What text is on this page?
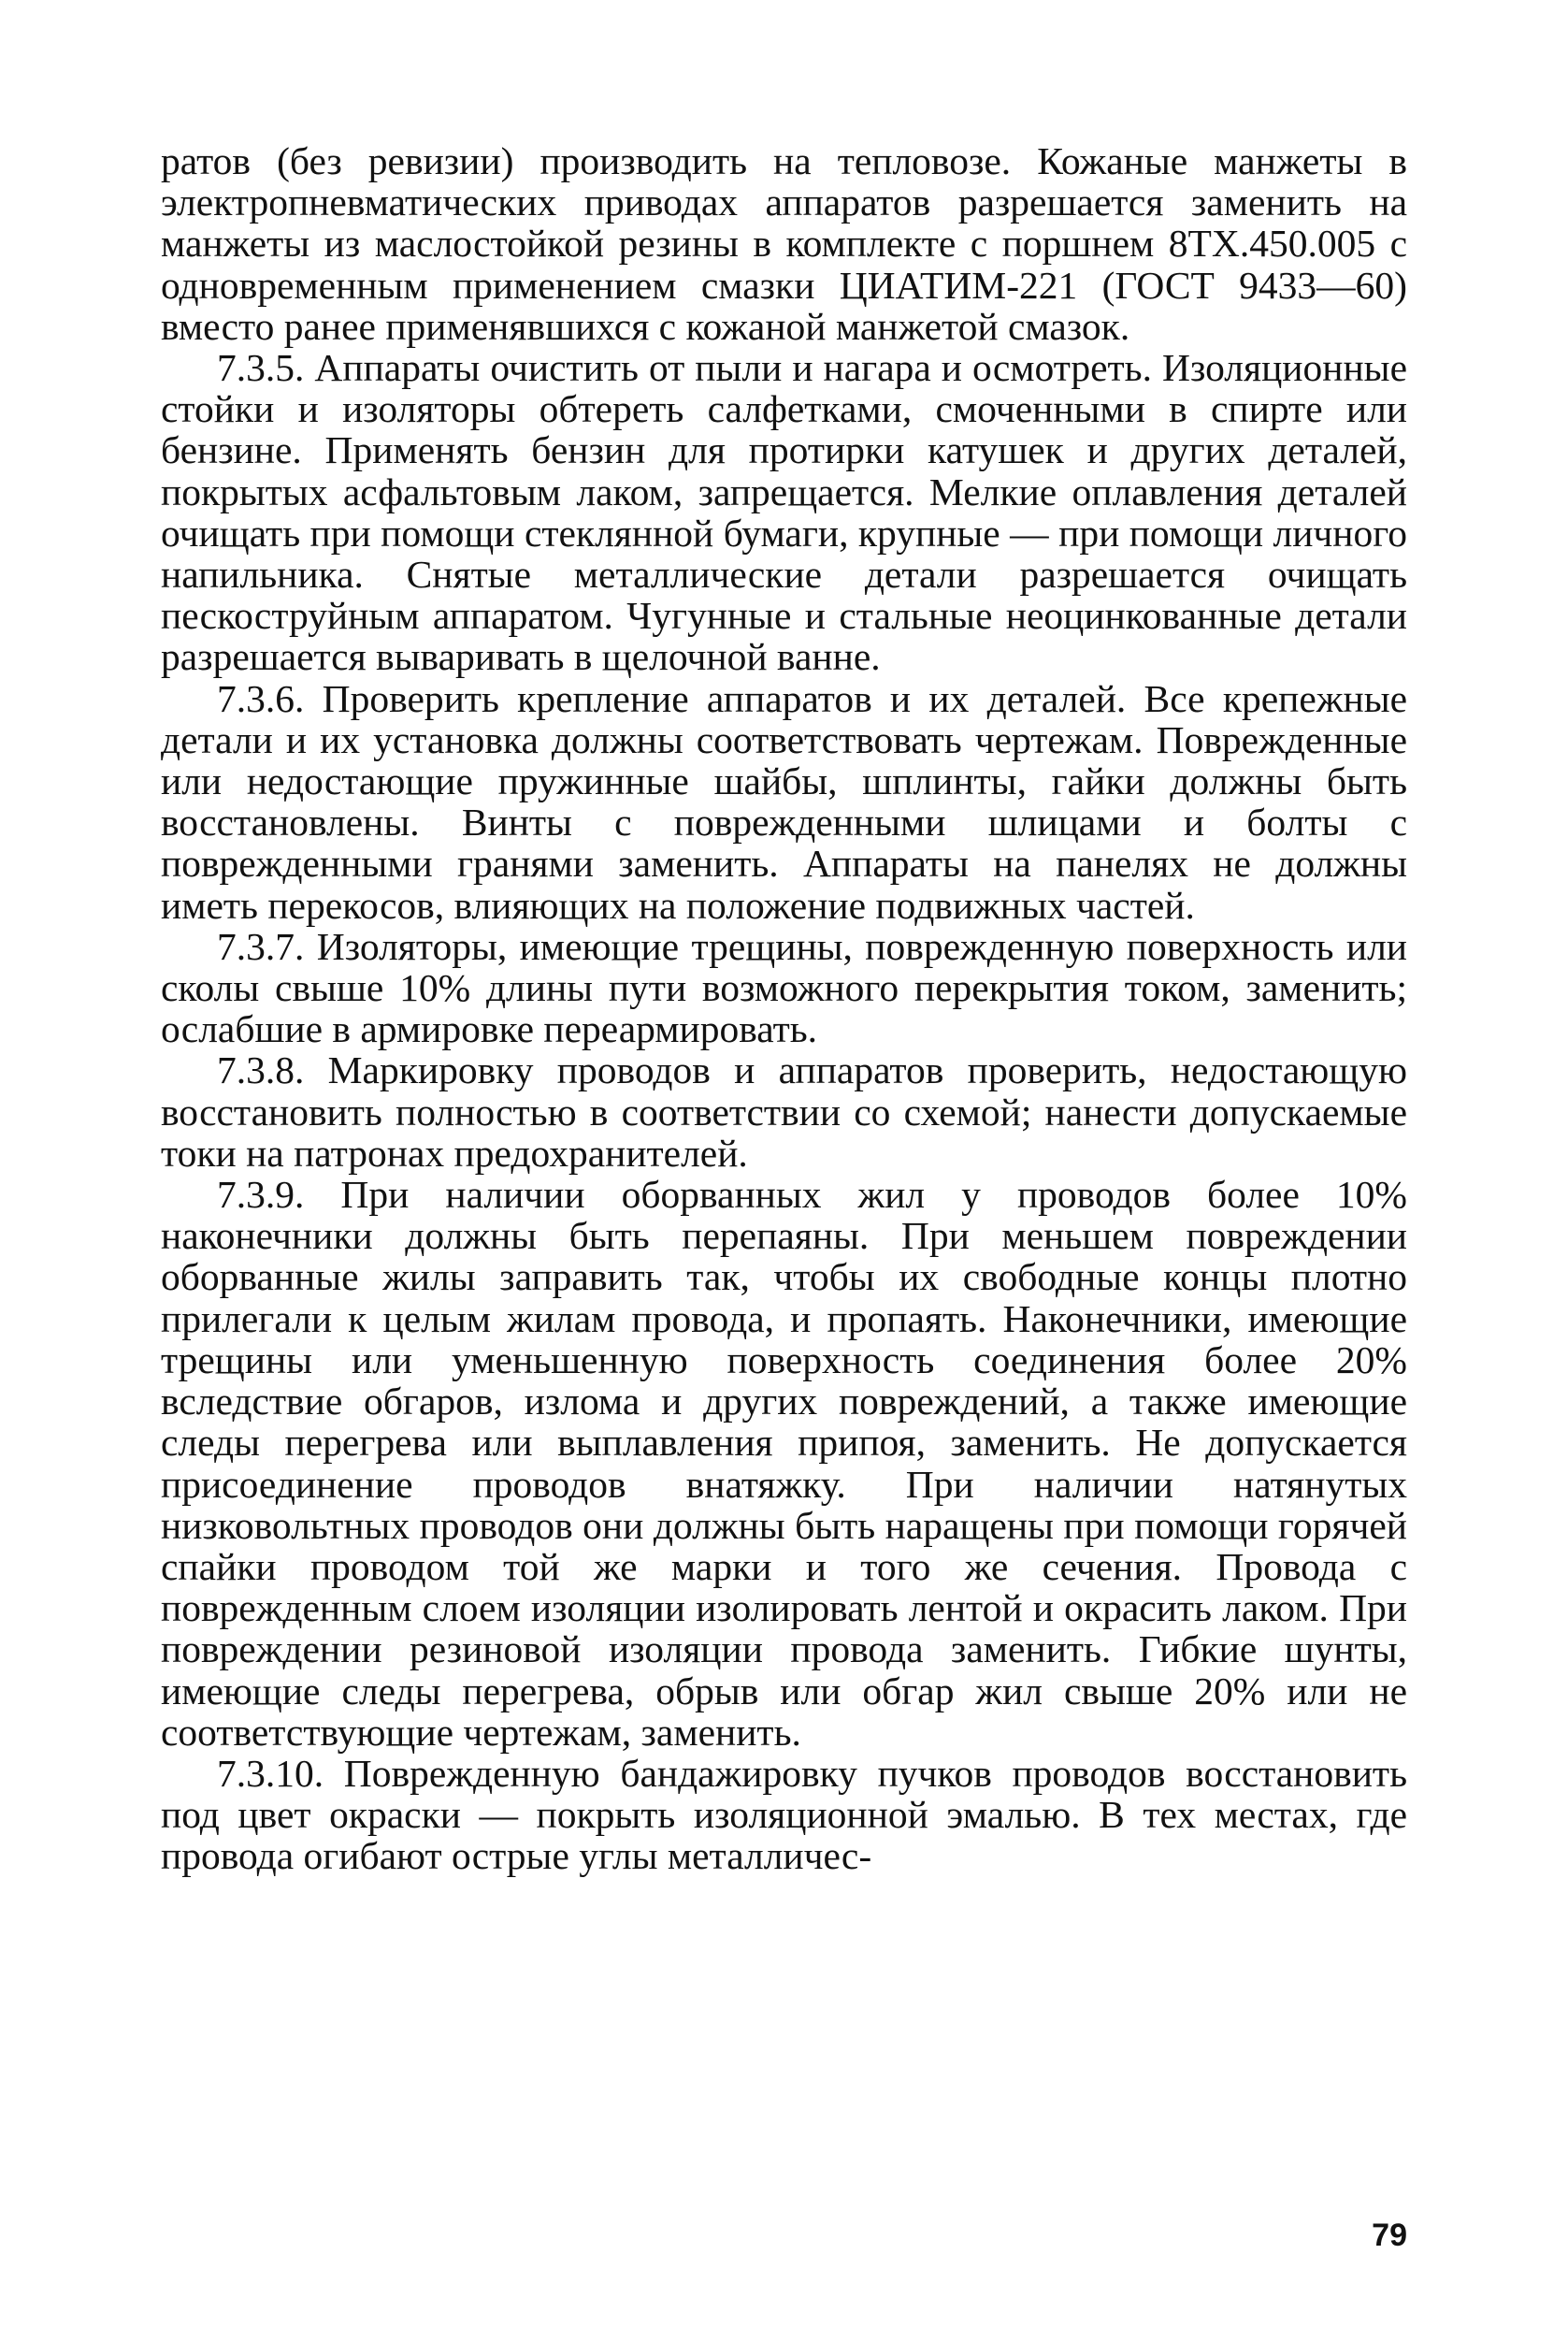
ратов (без ревизии) производить на тепловозе. Кожаные манжеты в электропневматических приводах аппаратов разрешается заменить на манжеты из маслостойкой резины в комплекте с поршнем 8ТХ.450.005 с одновременным применением смазки ЦИАТИМ-221 (ГОСТ 9433—60) вместо ранее применявшихся с кожаной манжетой смазок.

7.3.5. Аппараты очистить от пыли и нагара и осмотреть. Изоляционные стойки и изоляторы обтереть салфетками, смоченными в спирте или бензине. Применять бензин для протирки катушек и других деталей, покрытых асфальтовым лаком, запрещается. Мелкие оплавления деталей очищать при помощи стеклянной бумаги, крупные — при помощи личного напильника. Снятые металлические детали разрешается очищать пескоструйным аппаратом. Чугунные и стальные неоцинкованные детали разрешается вываривать в щелочной ванне.

7.3.6. Проверить крепление аппаратов и их деталей. Все крепежные детали и их установка должны соответствовать чертежам. Поврежденные или недостающие пружинные шайбы, шплинты, гайки должны быть восстановлены. Винты с поврежденными шлицами и болты с поврежденными гранями заменить. Аппараты на панелях не должны иметь перекосов, влияющих на положение подвижных частей.

7.3.7. Изоляторы, имеющие трещины, поврежденную поверхность или сколы свыше 10% длины пути возможного перекрытия током, заменить; ослабшие в армировке переармировать.

7.3.8. Маркировку проводов и аппаратов проверить, недостающую восстановить полностью в соответствии со схемой; нанести допускаемые токи на патронах предохранителей.

7.3.9. При наличии оборванных жил у проводов более 10% наконечники должны быть перепаяны. При меньшем повреждении оборванные жилы заправить так, чтобы их свободные концы плотно прилегали к целым жилам провода, и пропаять. Наконечники, имеющие трещины или уменьшенную поверхность соединения более 20% вследствие обгаров, излома и других повреждений, а также имеющие следы перегрева или выплавления припоя, заменить. Не допускается присоединение проводов внатяжку. При наличии натянутых низковольтных проводов они должны быть наращены при помощи горячей спайки проводом той же марки и того же сечения. Провода с поврежденным слоем изоляции изолировать лентой и окрасить лаком. При повреждении резиновой изоляции провода заменить. Гибкие шунты, имеющие следы перегрева, обрыв или обгар жил свыше 20% или не соответствующие чертежам, заменить.

7.3.10. Поврежденную бандажировку пучков проводов восстановить под цвет окраски — покрыть изоляционной эмалью. В тех местах, где провода огибают острые углы металличес-

79
